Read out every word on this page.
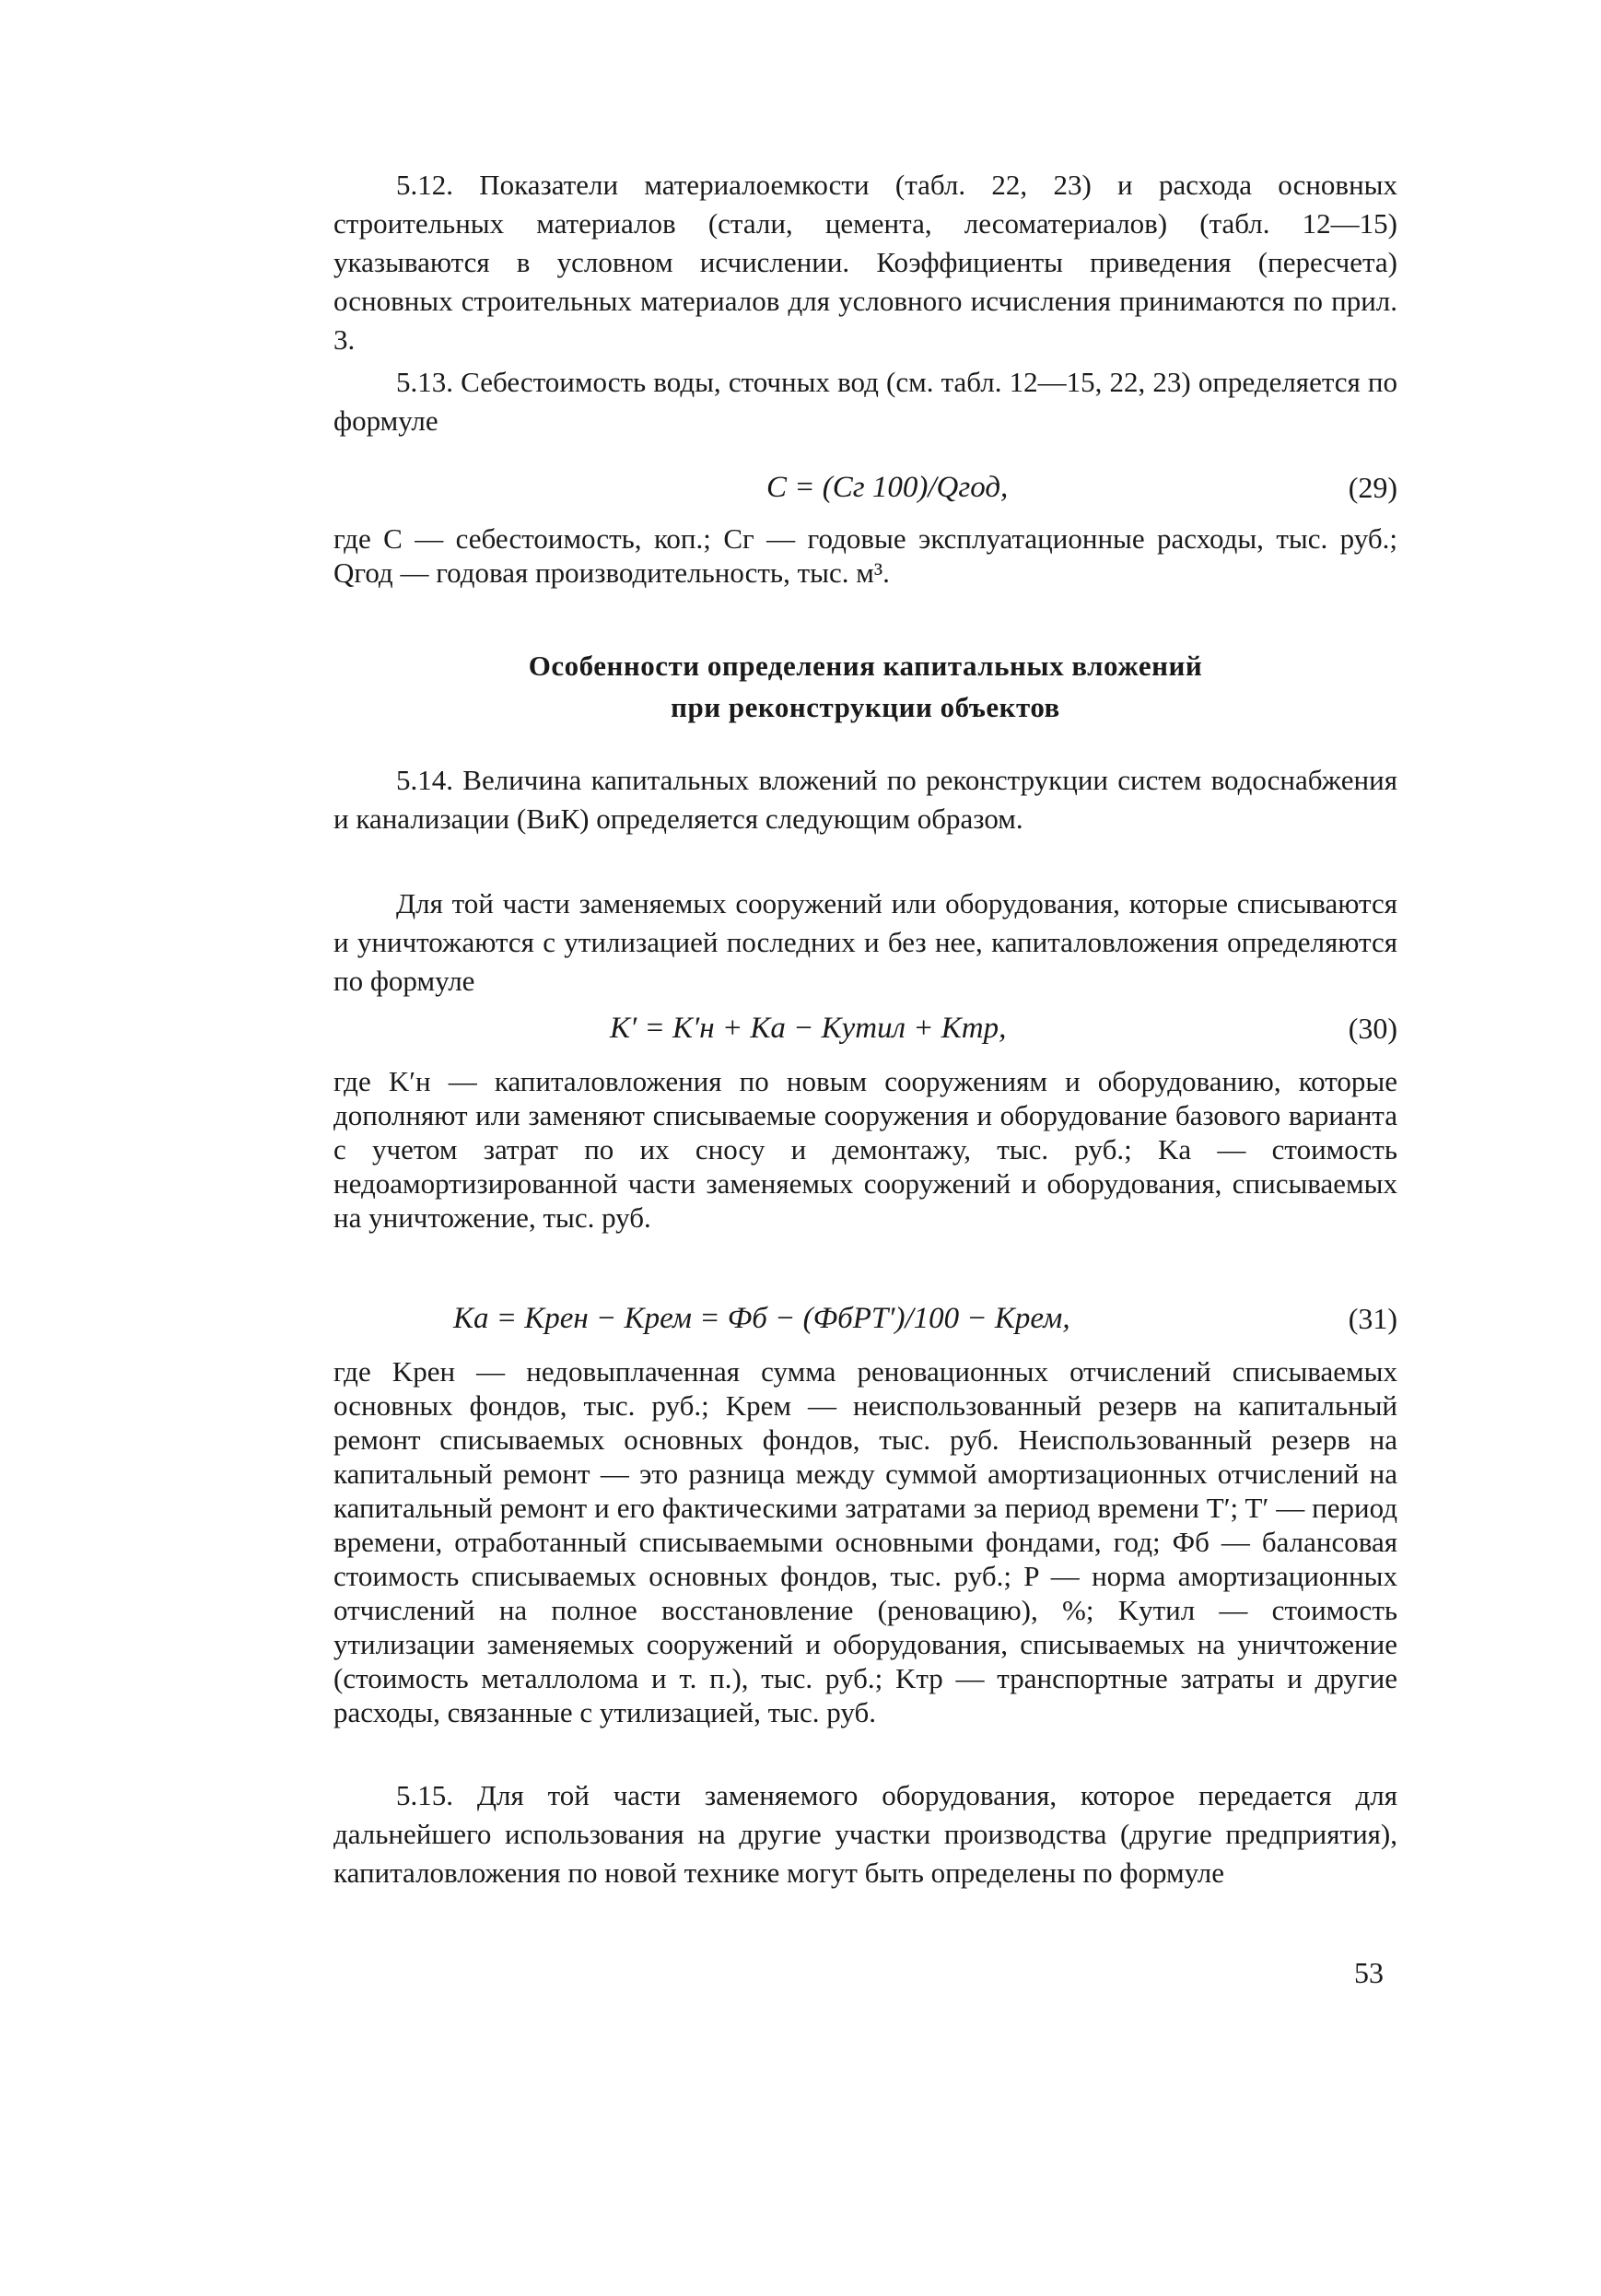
5.12. Показатели материалоемкости (табл. 22, 23) и расхода основных строительных материалов (стали, цемента, лесоматериалов) (табл. 12—15) указываются в условном исчислении. Коэффициенты приведения (пересчета) основных строительных материалов для условного исчисления принимаются по прил. 3.

5.13. Себестоимость воды, сточных вод (см. табл. 12—15, 22, 23) определяется по формуле

C = (Cг 100)/Qгод,	(29)

где C — себестоимость, коп.; Cг — годовые эксплуатационные расходы, тыс. руб.; Qгод — годовая производительность, тыс. м³.

Особенности определения капитальных вложений
при реконструкции объектов

5.14. Величина капитальных вложений по реконструкции систем водоснабжения и канализации (ВиК) определяется следующим образом.

Для той части заменяемых сооружений или оборудования, которые списываются и уничтожаются с утилизацией последних и без нее, капиталовложения определяются по формуле

K′ = K′н + Kа − Kутил + Kтр,	(30)

где K′н — капиталовложения по новым сооружениям и оборудованию, которые дополняют или заменяют списываемые сооружения и оборудование базового варианта с учетом затрат по их сносу и демонтажу, тыс. руб.; Kа — стоимость недоамортизированной части заменяемых сооружений и оборудования, списываемых на уничтожение, тыс. руб.

Kа = Kрен − Kрем = Фб − (ФбPT′)/100 − Kрем,	(31)

где Kрен — недовыплаченная сумма реновационных отчислений списываемых основных фондов, тыс. руб.; Kрем — неиспользованный резерв на капитальный ремонт списываемых основных фондов, тыс. руб. Неиспользованный резерв на капитальный ремонт — это разница между суммой амортизационных отчислений на капитальный ремонт и его фактическими затратами за период времени T′; T′ — период времени, отработанный списываемыми основными фондами, год; Фб — балансовая стоимость списываемых основных фондов, тыс. руб.; P — норма амортизационных отчислений на полное восстановление (реновацию), %; Kутил — стоимость утилизации заменяемых сооружений и оборудования, списываемых на уничтожение (стоимость металлолома и т. п.), тыс. руб.; Kтр — транспортные затраты и другие расходы, связанные с утилизацией, тыс. руб.

5.15. Для той части заменяемого оборудования, которое передается для дальнейшего использования на другие участки производства (другие предприятия), капиталовложения по новой технике могут быть определены по формуле

53
